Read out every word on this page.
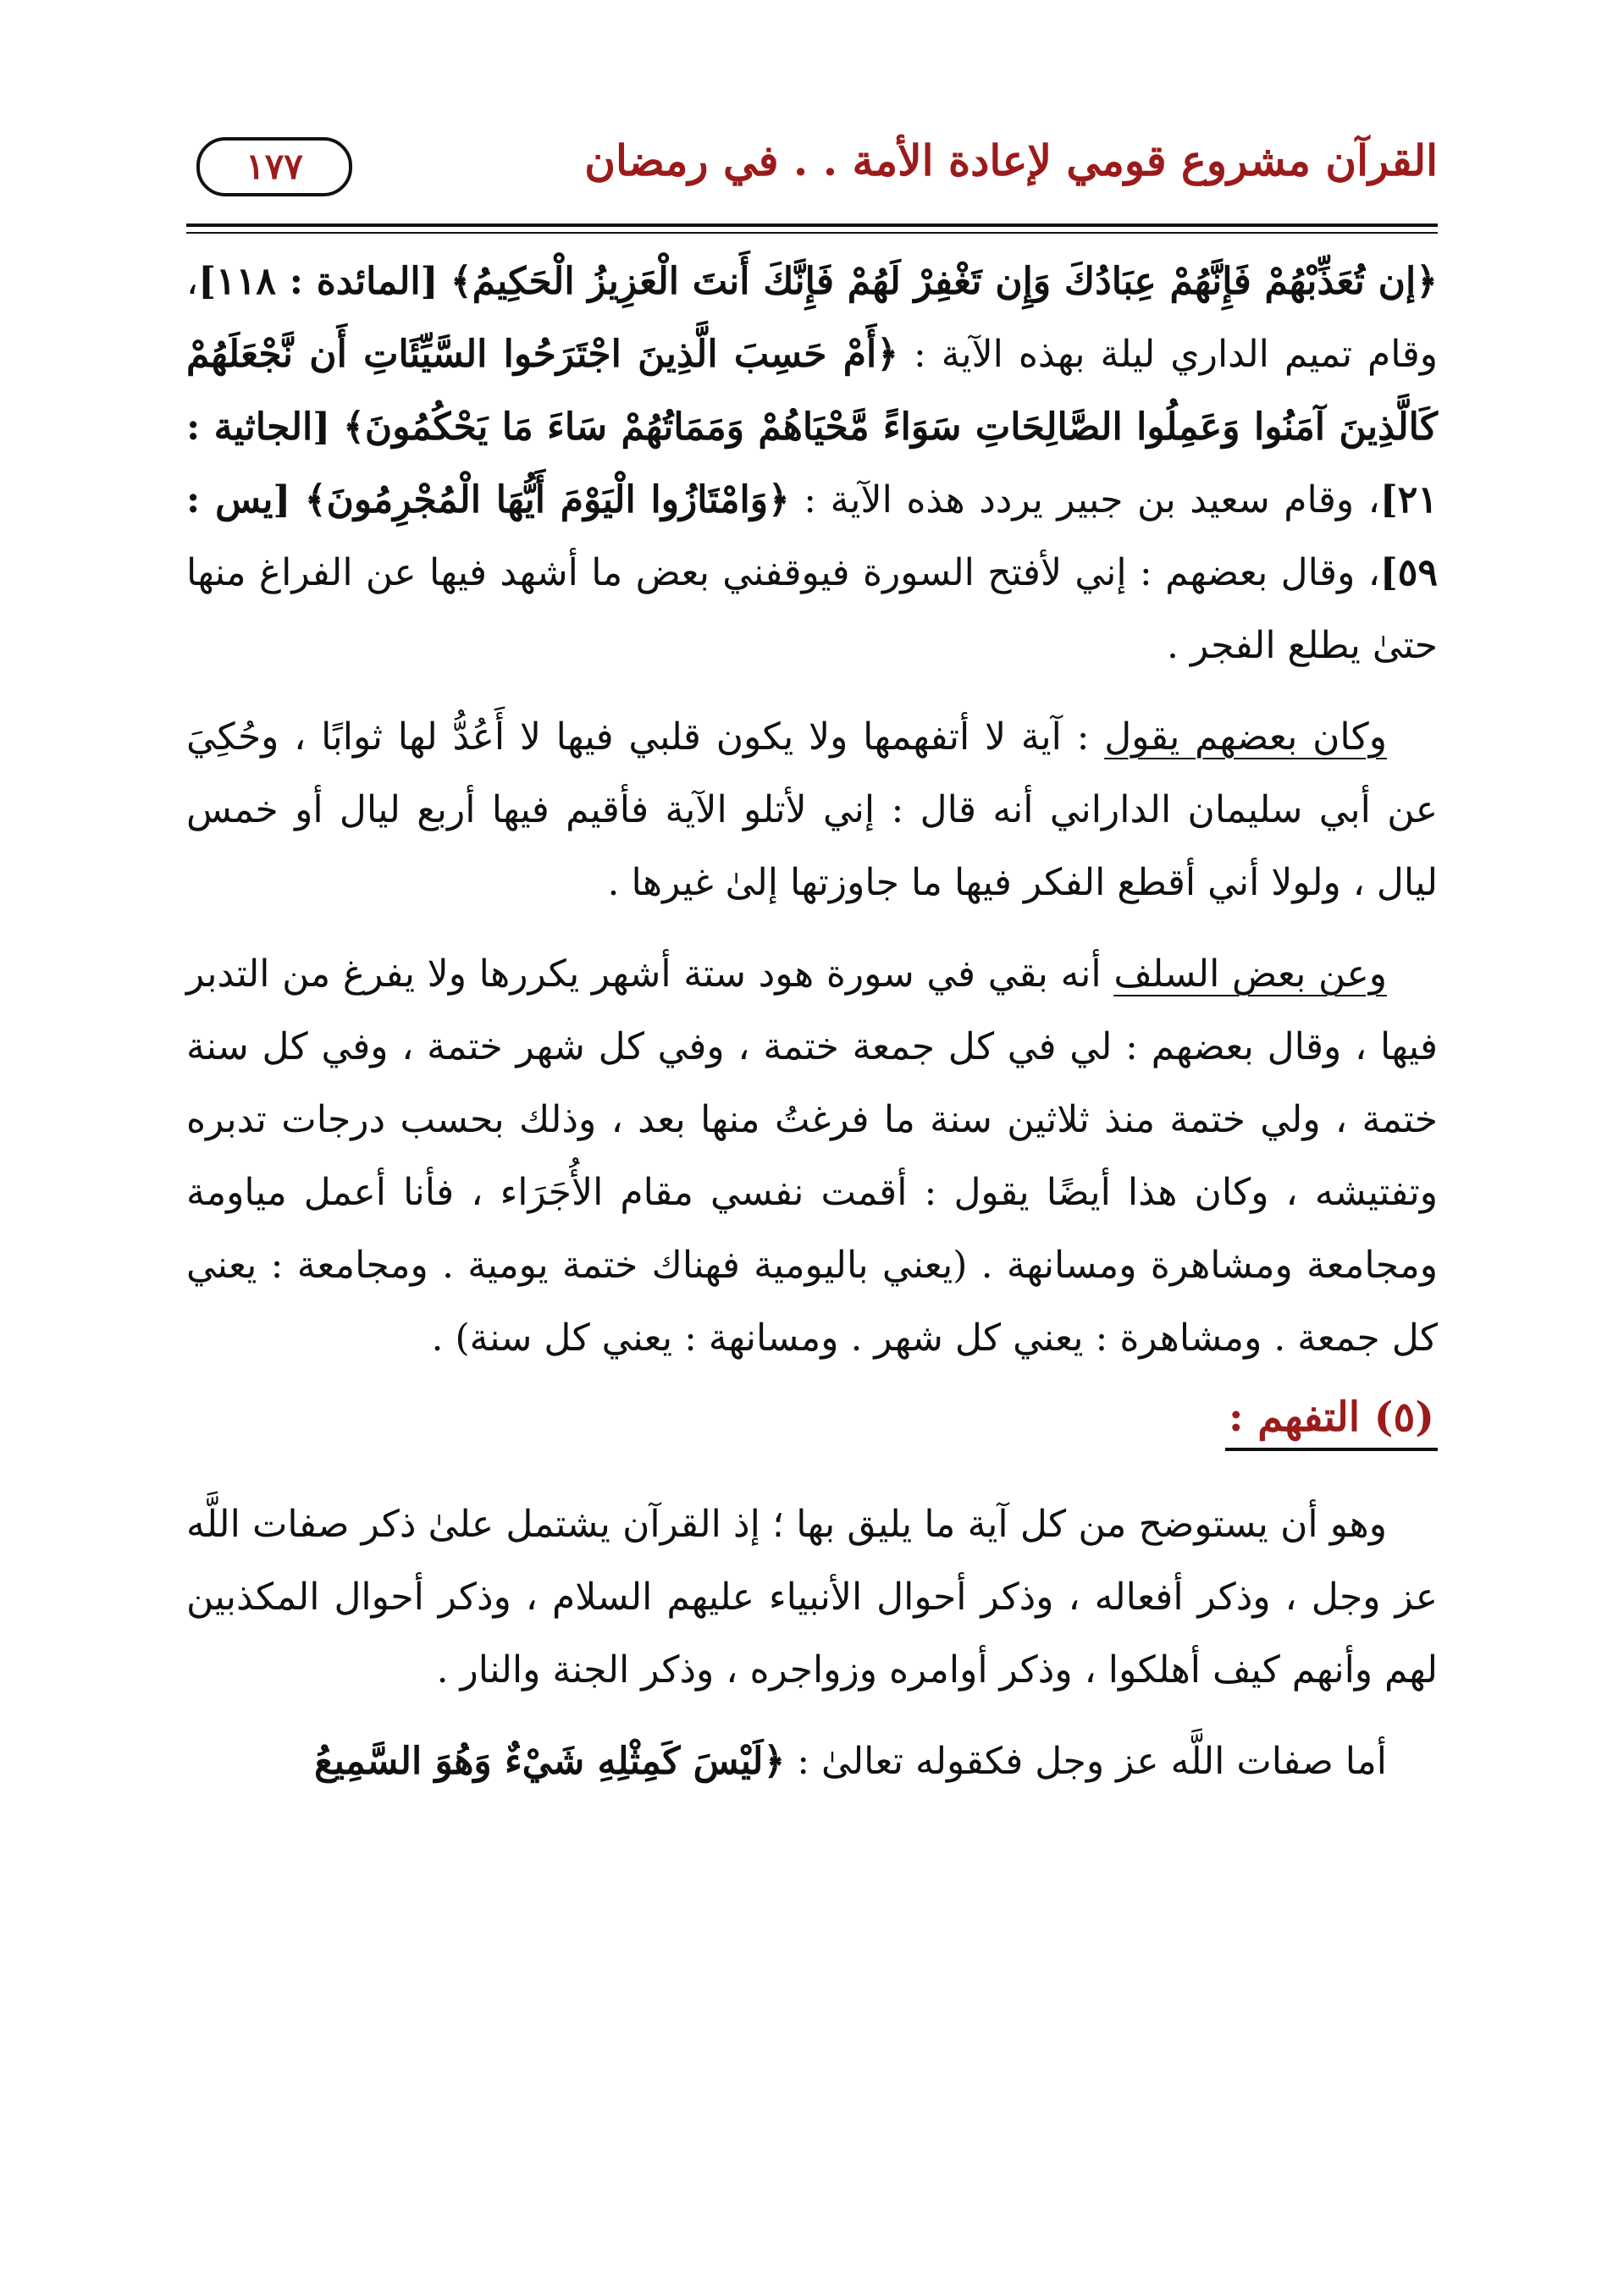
القرآن مشروع قومي لإعادة الأمة . . في رمضان
١٧٧

﴿إن تُعَذِّبْهُمْ فَإِنَّهُمْ عِبَادُكَ وَإِن تَغْفِرْ لَهُمْ فَإِنَّكَ أَنتَ الْعَزِيزُ الْحَكِيمُ﴾ [المائدة : ١١٨]، وقام تميم الداري ليلة بهذه الآية : ﴿أَمْ حَسِبَ الَّذِينَ اجْتَرَحُوا السَّيِّئَاتِ أَن نَّجْعَلَهُمْ كَالَّذِينَ آمَنُوا وَعَمِلُوا الصَّالِحَاتِ سَوَاءً مَّحْيَاهُمْ وَمَمَاتُهُمْ سَاءَ مَا يَحْكُمُونَ﴾ [الجاثية : ٢١]، وقام سعيد بن جبير يردد هذه الآية : ﴿وَامْتَازُوا الْيَوْمَ أَيُّهَا الْمُجْرِمُونَ﴾ [يس : ٥٩]، وقال بعضهم : إني لأفتح السورة فيوقفني بعض ما أشهد فيها عن الفراغ منها حتىٰ يطلع الفجر .

وكان بعضهم يقول : آية لا أتفهمها ولا يكون قلبي فيها لا أَعُدُّ لها ثوابًا ، وحُكِيَ عن أبي سليمان الداراني أنه قال : إني لأتلو الآية فأقيم فيها أربع ليال أو خمس ليال ، ولولا أني أقطع الفكر فيها ما جاوزتها إلىٰ غيرها .

وعن بعض السلف أنه بقي في سورة هود ستة أشهر يكررها ولا يفرغ من التدبر فيها ، وقال بعضهم : لي في كل جمعة ختمة ، وفي كل شهر ختمة ، وفي كل سنة ختمة ، ولي ختمة منذ ثلاثين سنة ما فرغتُ منها بعد ، وذلك بحسب درجات تدبره وتفتيشه ، وكان هذا أيضًا يقول : أقمت نفسي مقام الأُجَرَاء ، فأنا أعمل مياومة ومجامعة ومشاهرة ومسانهة . (يعني باليومية فهناك ختمة يومية . ومجامعة : يعني كل جمعة . ومشاهرة : يعني كل شهر . ومسانهة : يعني كل سنة) .

(٥) التفهم :

وهو أن يستوضح من كل آية ما يليق بها ؛ إذ القرآن يشتمل علىٰ ذكر صفات اللَّه عز وجل ، وذكر أفعاله ، وذكر أحوال الأنبياء عليهم السلام ، وذكر أحوال المكذبين لهم وأنهم كيف أهلكوا ، وذكر أوامره وزواجره ، وذكر الجنة والنار .

أما صفات اللَّه عز وجل فكقوله تعالىٰ : ﴿لَيْسَ كَمِثْلِهِ شَيْءٌ وَهُوَ السَّمِيعُ
